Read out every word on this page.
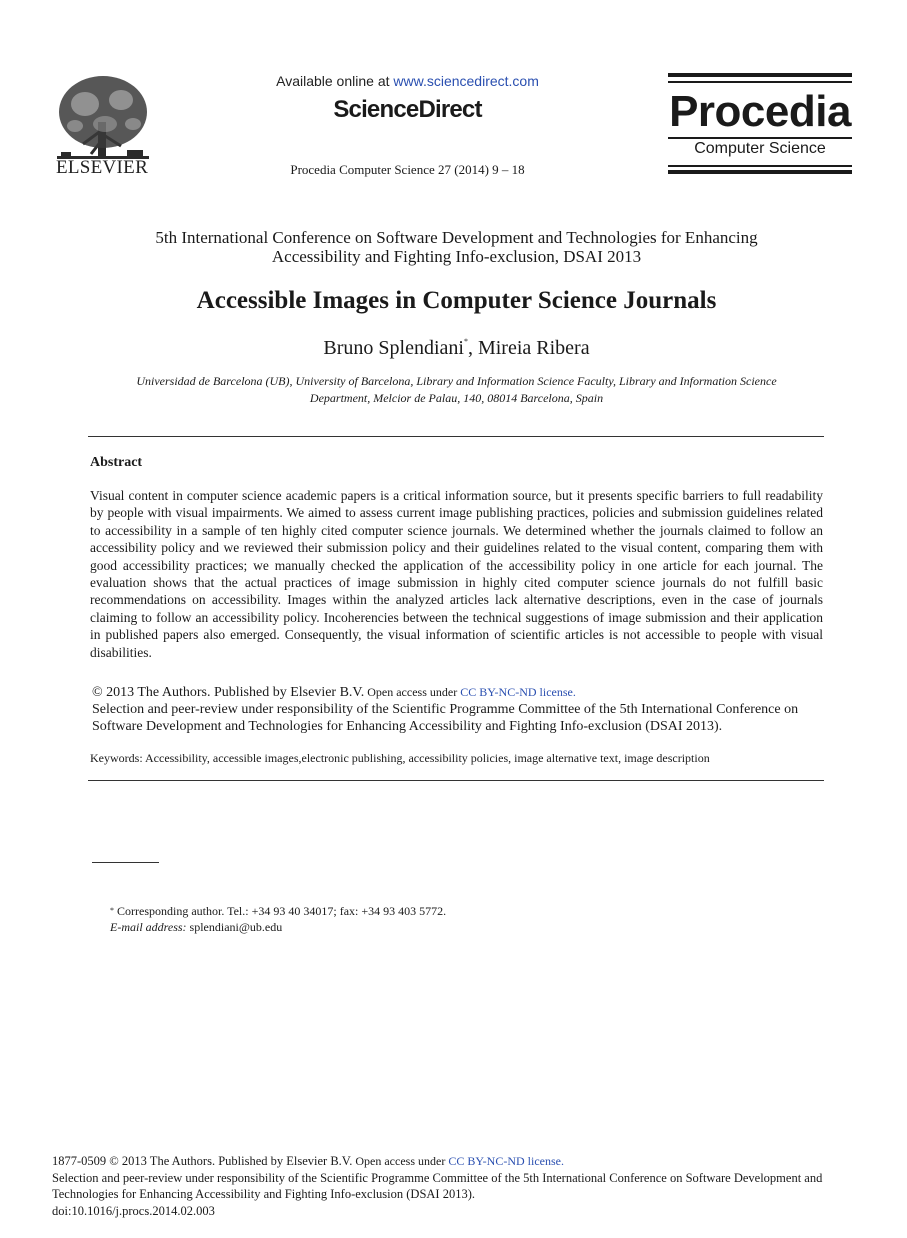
ELSEVIER
Available online at www.sciencedirect.com
ScienceDirect
Procedia Computer Science 27 (2014) 9 – 18
Procedia
Computer Science
5th International Conference on Software Development and Technologies for Enhancing
Accessibility and Fighting Info-exclusion, DSAI 2013
Accessible Images in Computer Science Journals
Bruno Splendiani*, Mireia Ribera
Universidad de Barcelona (UB), University of Barcelona, Library and Information Science Faculty, Library and Information Science
Department, Melcior de Palau, 140, 08014 Barcelona, Spain
Abstract
Visual content in computer science academic papers is a critical information source, but it presents specific barriers to full readability by people with visual impairments. We aimed to assess current image publishing practices, policies and submission guidelines related to accessibility in a sample of ten highly cited computer science journals. We determined whether the journals claimed to follow an accessibility policy and we reviewed their submission policy and their guidelines related to the visual content, comparing them with good accessibility practices; we manually checked the application of the accessibility policy in one article for each journal. The evaluation shows that the actual practices of image submission in highly cited computer science journals do not fulfill basic recommendations on accessibility. Images within the analyzed articles lack alternative descriptions, even in the case of journals claiming to follow an accessibility policy. Incoherencies between the technical suggestions of image submission and their application in published papers also emerged. Consequently, the visual information of scientific articles is not accessible to people with visual disabilities.
© 2013 The Authors. Published by Elsevier B.V. Open access under CC BY-NC-ND license.
Selection and peer-review under responsibility of the Scientific Programme Committee of the 5th International Conference on Software Development and Technologies for Enhancing Accessibility and Fighting Info-exclusion (DSAI 2013).
Keywords: Accessibility, accessible images,electronic publishing, accessibility policies, image alternative text, image description
* Corresponding author. Tel.: +34 93 40 34017; fax: +34 93 403 5772.
E-mail address: splendiani@ub.edu
1877-0509 © 2013 The Authors. Published by Elsevier B.V. Open access under CC BY-NC-ND license.
Selection and peer-review under responsibility of the Scientific Programme Committee of the 5th International Conference on Software Development and Technologies for Enhancing Accessibility and Fighting Info-exclusion (DSAI 2013).
doi:10.1016/j.procs.2014.02.003
